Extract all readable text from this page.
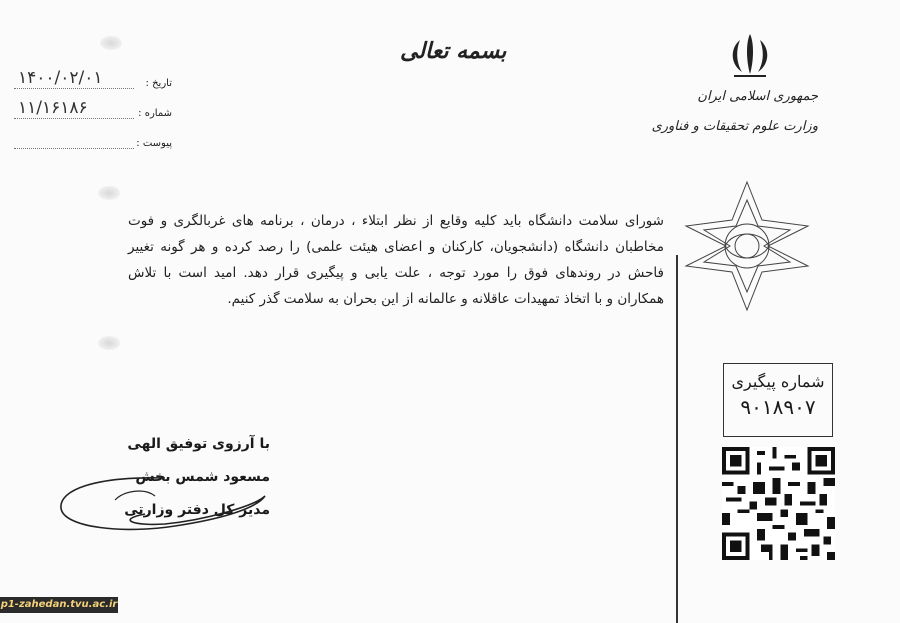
بسمه تعالی
جمهوری اسلامی ایران
وزارت علوم تحقیقات و فناوری
تاریخ :
۱۴۰۰/۰۲/۰۱
شماره :
۱۱/۱۶۱۸۶
پیوست :
شورای سلامت دانشگاه باید کلیه وقایع از نظر ابتلاء ، درمان ، برنامه های غربالگری و فوت مخاطبان دانشگاه (دانشجویان، کارکنان و اعضای هیئت علمی) را رصد کرده و هر گونه تغییر فاحش در روندهای فوق را مورد توجه ، علت یابی و پیگیری قرار دهد. امید است با تلاش همکاران و با اتخاذ تمهیدات عاقلانه و عالمانه از این بحران به سلامت گذر کنیم.
با آرزوی توفیق الهی
مسعود شمس بخش
مدیر کل دفتر وزارتی
شماره پیگیری
۹۰۱۸۹۰۷
p1-zahedan.tvu.ac.ir
